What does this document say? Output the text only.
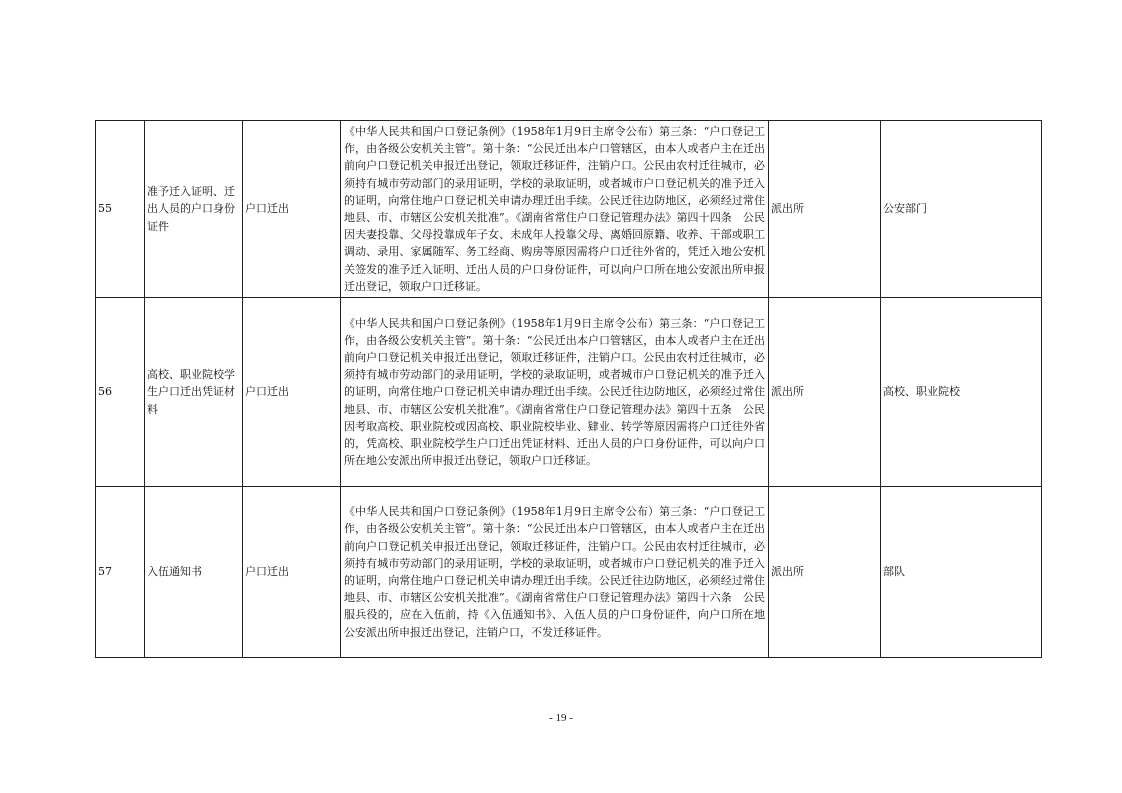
55	准予迁入证明、迁出人员的户口身份证件	户口迁出	《中华人民共和国户口登记条例》（1958年1月9日主席令公布）第三条：“户口登记工作，由各级公安机关主管”。第十条：“公民迁出本户口管辖区，由本人或者户主在迁出前向户口登记机关申报迁出登记，领取迁移证件，注销户口。公民由农村迁往城市，必须持有城市劳动部门的录用证明，学校的录取证明，或者城市户口登记机关的准予迁入的证明，向常住地户口登记机关申请办理迁出手续。公民迁往边防地区，必须经过常住地县、市、市辖区公安机关批准”。《湖南省常住户口登记管理办法》第四十四条　公民因夫妻投靠、父母投靠成年子女、未成年人投靠父母、离婚回原籍、收养、干部或职工调动、录用、家属随军、务工经商、购房等原因需将户口迁往外省的，凭迁入地公安机关签发的准予迁入证明、迁出人员的户口身份证件，可以向户口所在地公安派出所申报迁出登记，领取户口迁移证。	派出所	公安部门
56	高校、职业院校学生户口迁出凭证材料	户口迁出	《中华人民共和国户口登记条例》（1958年1月9日主席令公布）第三条：“户口登记工作，由各级公安机关主管”。第十条：“公民迁出本户口管辖区，由本人或者户主在迁出前向户口登记机关申报迁出登记，领取迁移证件，注销户口。公民由农村迁往城市，必须持有城市劳动部门的录用证明，学校的录取证明，或者城市户口登记机关的准予迁入的证明，向常住地户口登记机关申请办理迁出手续。公民迁往边防地区，必须经过常住地县、市、市辖区公安机关批准”。《湖南省常住户口登记管理办法》第四十五条　公民因考取高校、职业院校或因高校、职业院校毕业、肄业、转学等原因需将户口迁往外省的，凭高校、职业院校学生户口迁出凭证材料、迁出人员的户口身份证件，可以向户口所在地公安派出所申报迁出登记，领取户口迁移证。	派出所	高校、职业院校
57	入伍通知书	户口迁出	《中华人民共和国户口登记条例》（1958年1月9日主席令公布）第三条：“户口登记工作，由各级公安机关主管”。第十条：“公民迁出本户口管辖区，由本人或者户主在迁出前向户口登记机关申报迁出登记，领取迁移证件，注销户口。公民由农村迁往城市，必须持有城市劳动部门的录用证明，学校的录取证明，或者城市户口登记机关的准予迁入的证明，向常住地户口登记机关申请办理迁出手续。公民迁往边防地区，必须经过常住地县、市、市辖区公安机关批准”。《湖南省常住户口登记管理办法》第四十六条　公民服兵役的，应在入伍前，持《入伍通知书》、入伍人员的户口身份证件，向户口所在地公安派出所申报迁出登记，注销户口，不发迁移证件。	派出所	部队
- 19 -
